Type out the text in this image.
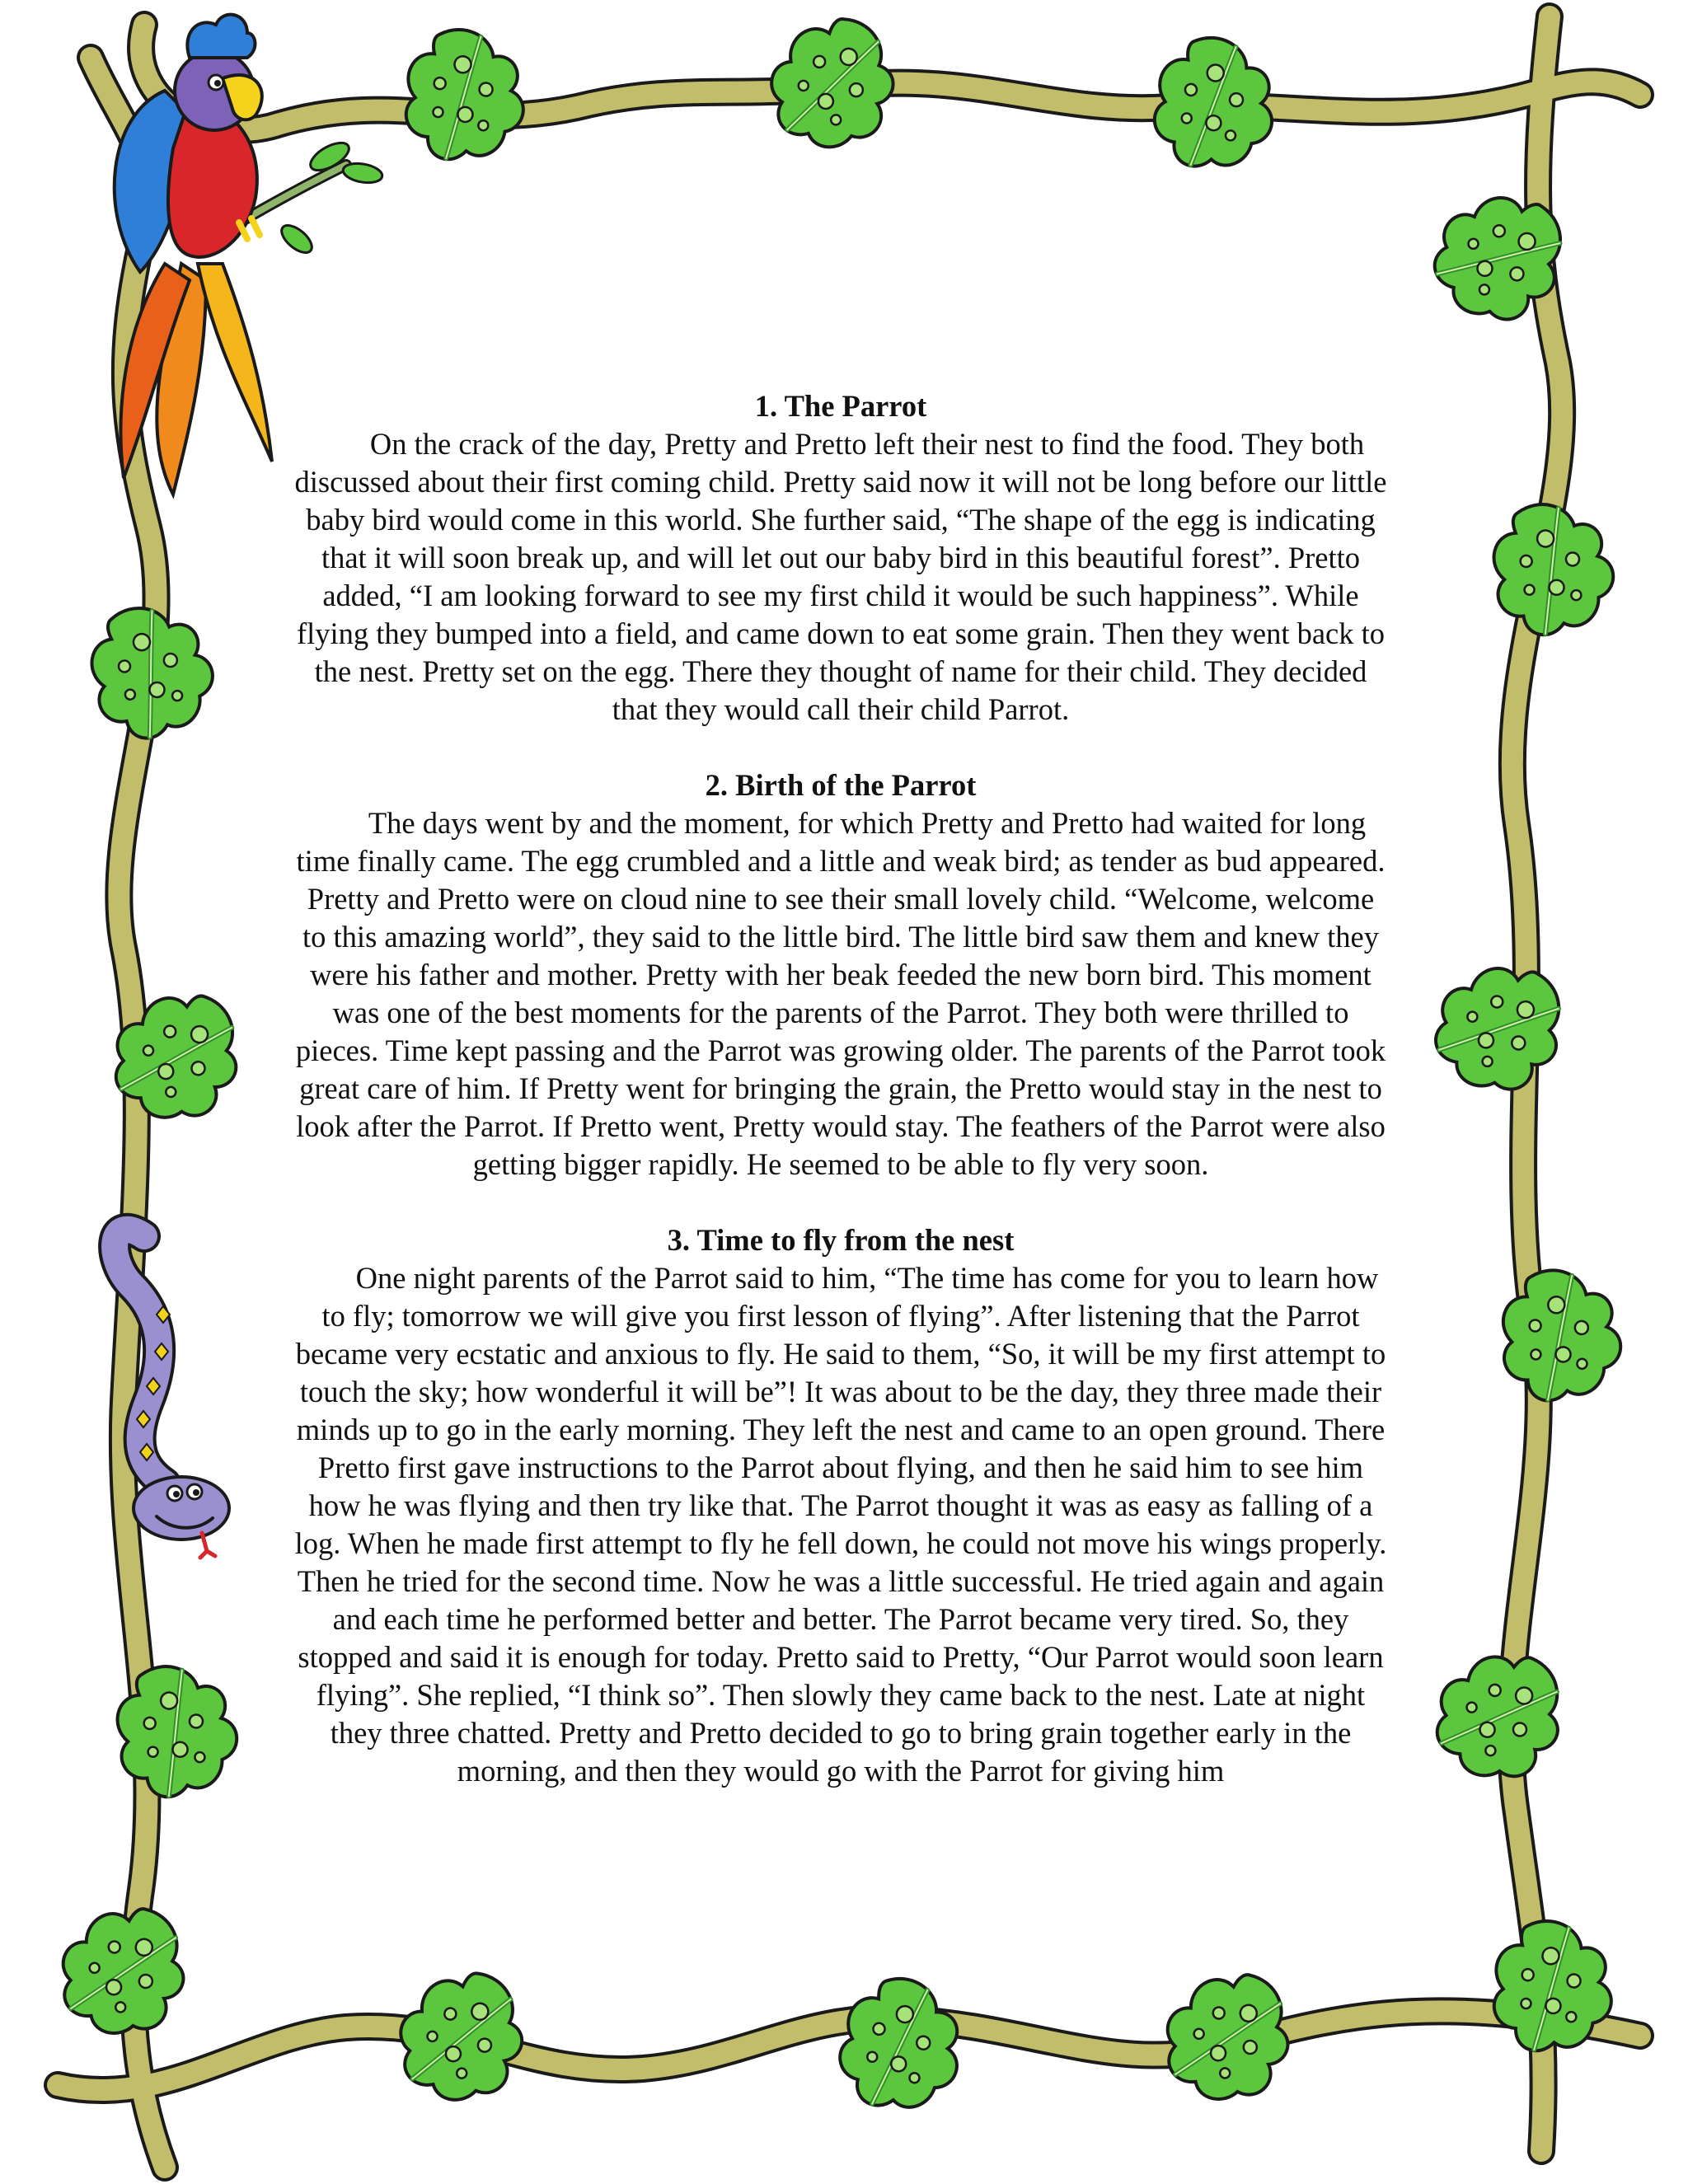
1. The Parrot

On the crack of the day, Pretty and Pretto left their nest to find the food. They both discussed about their first coming child. Pretty said now it will not be long before our little baby bird would come in this world. She further said, “The shape of the egg is indicating that it will soon break up, and will let out our baby bird in this beautiful forest”. Pretto added, “I am looking forward to see my first child it would be such happiness”. While flying they bumped into a field, and came down to eat some grain. Then they went back to the nest. Pretty set on the egg. There they thought of name for their child. They decided that they would call their child Parrot.

2. Birth of the Parrot

The days went by and the moment, for which Pretty and Pretto had waited for long time finally came. The egg crumbled and a little and weak bird; as tender as bud appeared. Pretty and Pretto were on cloud nine to see their small lovely child. “Welcome, welcome to this amazing world”, they said to the little bird. The little bird saw them and knew they were his father and mother. Pretty with her beak feeded the new born bird. This moment was one of the best moments for the parents of the Parrot. They both were thrilled to pieces. Time kept passing and the Parrot was growing older. The parents of the Parrot took great care of him. If Pretty went for bringing the grain, the Pretto would stay in the nest to look after the Parrot. If Pretto went, Pretty would stay. The feathers of the Parrot were also getting bigger rapidly. He seemed to be able to fly very soon.

3. Time to fly from the nest

One night parents of the Parrot said to him, “The time has come for you to learn how to fly; tomorrow we will give you first lesson of flying”. After listening that the Parrot became very ecstatic and anxious to fly. He said to them, “So, it will be my first attempt to touch the sky; how wonderful it will be”! It was about to be the day, they three made their minds up to go in the early morning. They left the nest and came to an open ground. There Pretto first gave instructions to the Parrot about flying, and then he said him to see him how he was flying and then try like that. The Parrot thought it was as easy as falling of a log. When he made first attempt to fly he fell down, he could not move his wings properly. Then he tried for the second time. Now he was a little successful. He tried again and again and each time he performed better and better. The Parrot became very tired. So, they stopped and said it is enough for today. Pretto said to Pretty, “Our Parrot would soon learn flying”. She replied, “I think so”. Then slowly they came back to the nest. Late at night they three chatted. Pretty and Pretto decided to go to bring grain together early in the morning, and then they would go with the Parrot for giving him
